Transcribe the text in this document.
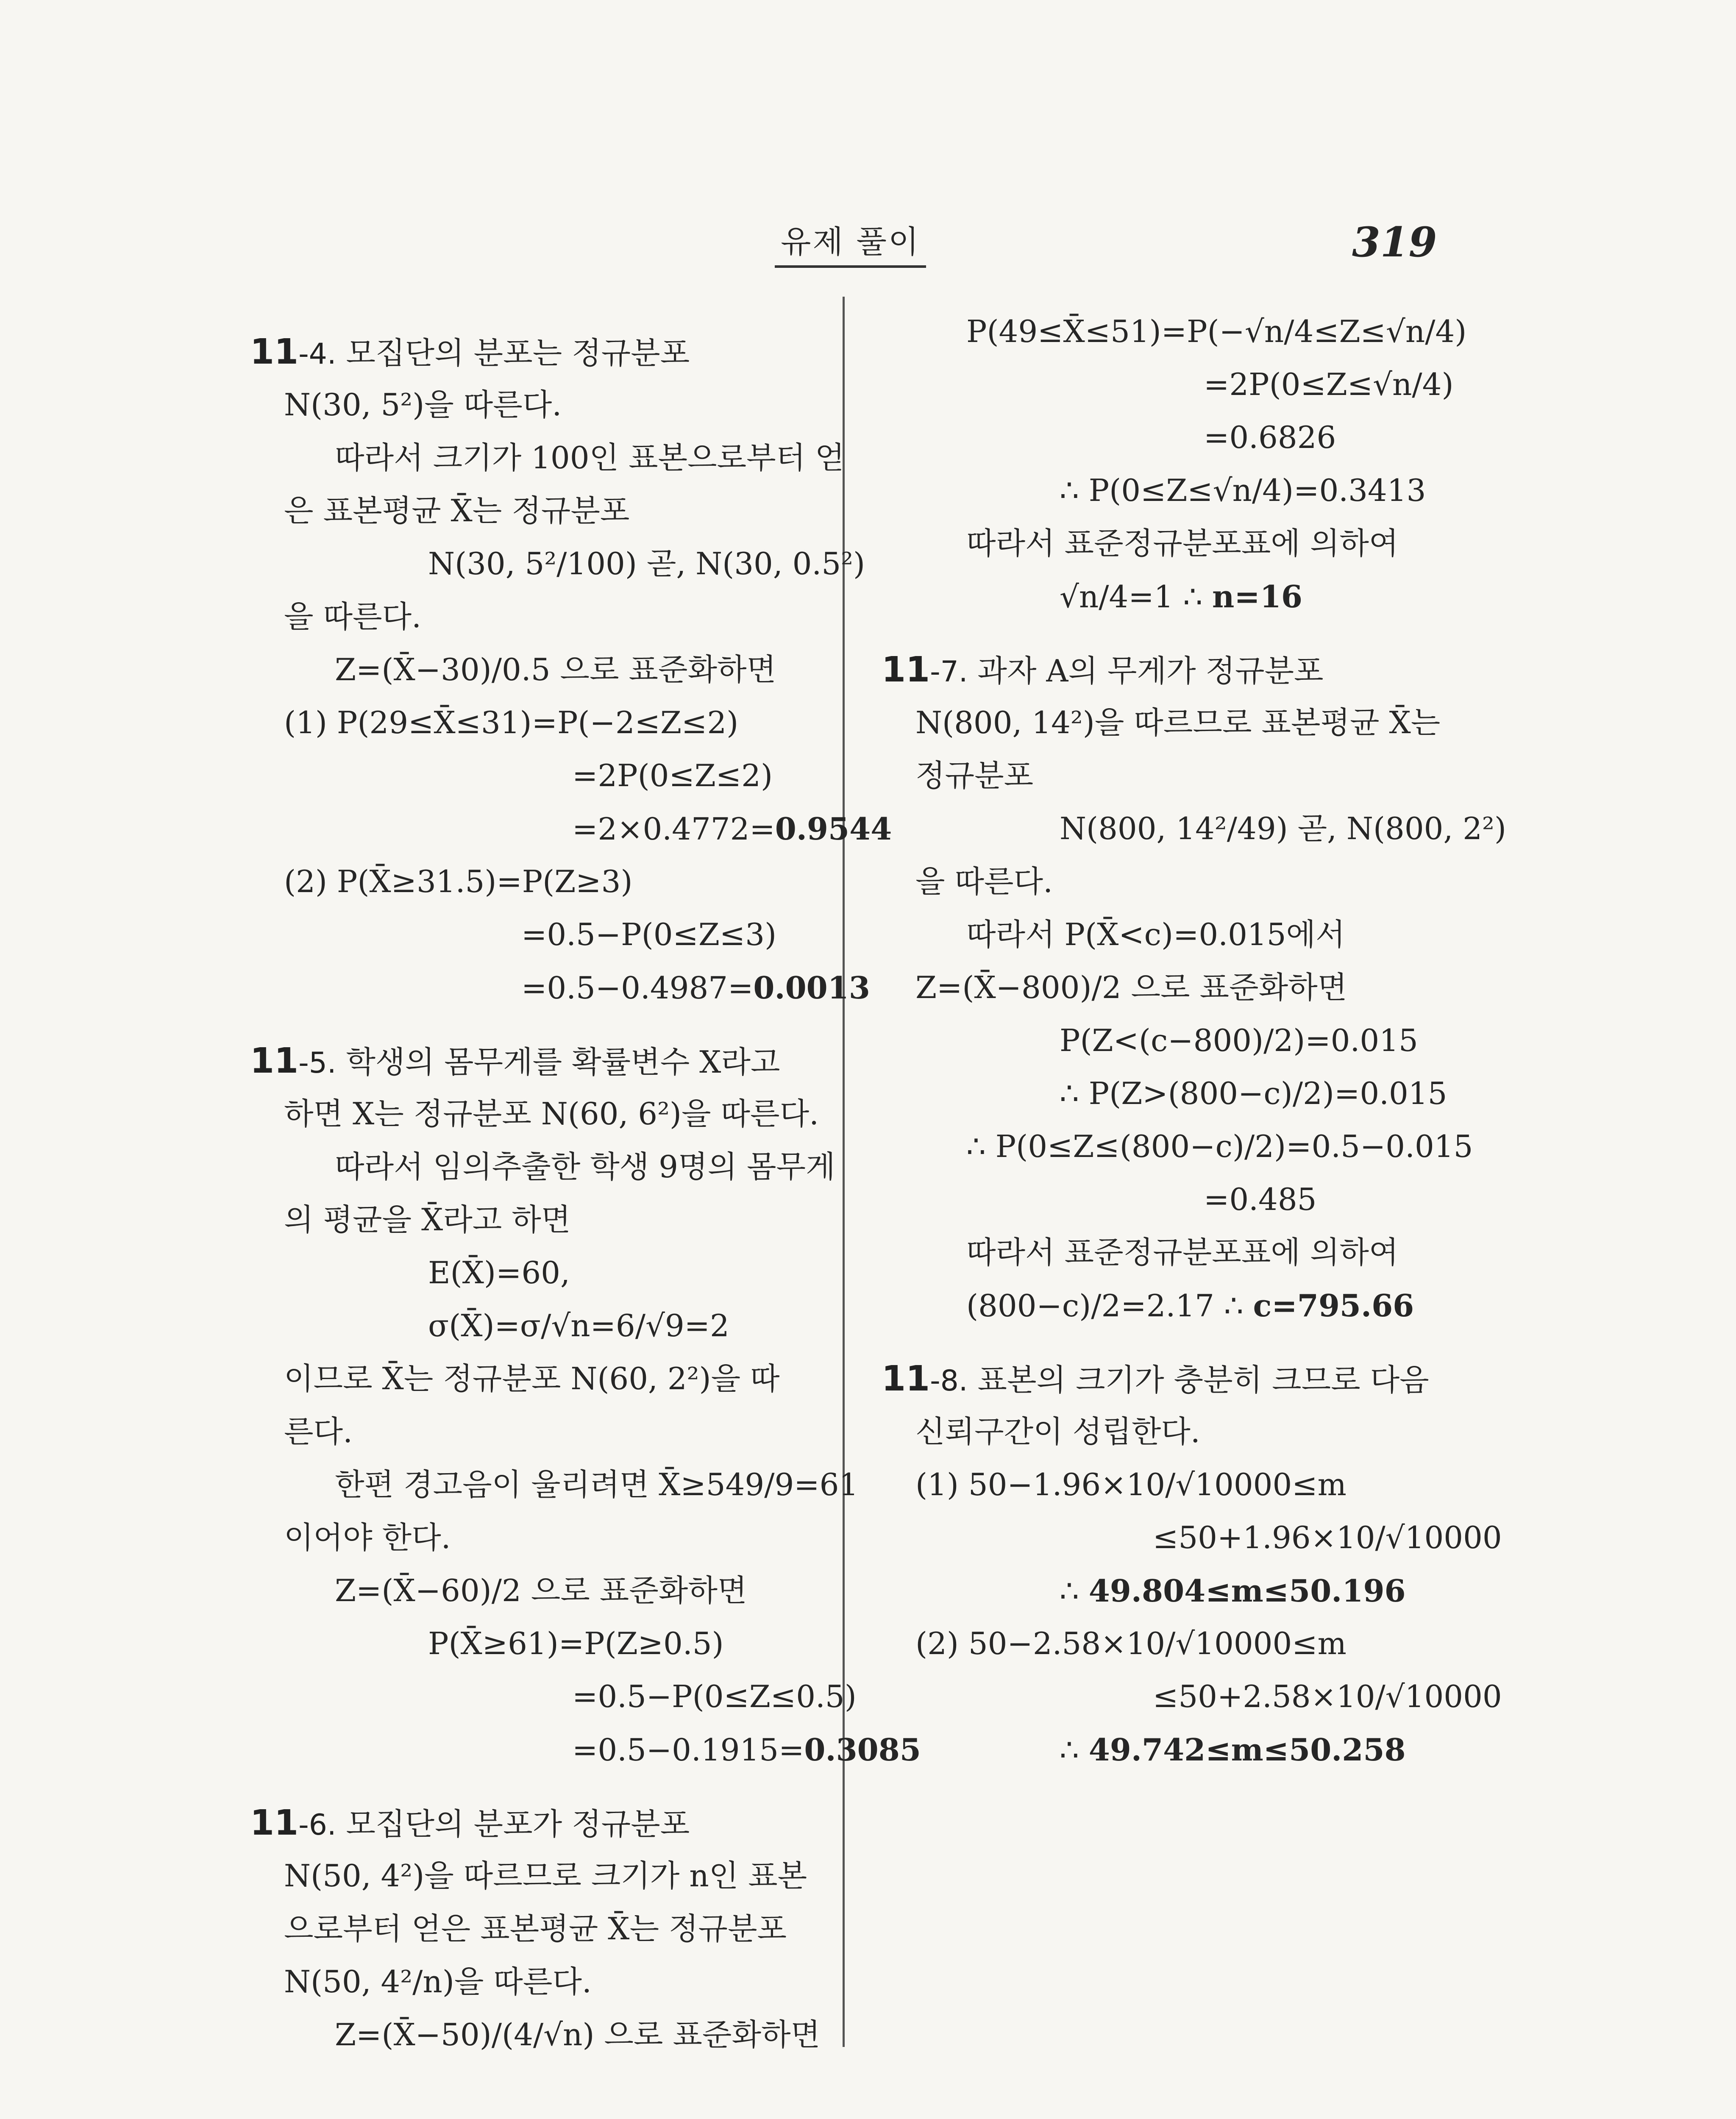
유제 풀이	319
11-4. 모집단의 분포는 정규분포
N(30, 5²)을 따른다.
따라서 크기가 100인 표본으로부터 얻
은 표본평균 X̄는 정규분포
N(30, 5²/100) 곧, N(30, 0.5²)
을 따른다.
Z=(X̄−30)/0.5 으로 표준화하면
(1) P(29≤X̄≤31)=P(−2≤Z≤2)
=2P(0≤Z≤2)
=2×0.4772=0.9544
(2) P(X̄≥31.5)=P(Z≥3)
=0.5−P(0≤Z≤3)
=0.5−0.4987=0.0013
11-5. 학생의 몸무게를 확률변수 X라고
하면 X는 정규분포 N(60, 6²)을 따른다.
따라서 임의추출한 학생 9명의 몸무게
의 평균을 X̄라고 하면
E(X̄)=60,
σ(X̄)=σ/√n=6/√9=2
이므로 X̄는 정규분포 N(60, 2²)을 따
른다.
한편 경고음이 울리려면 X̄≥549/9=61
이어야 한다.
Z=(X̄−60)/2 으로 표준화하면
P(X̄≥61)=P(Z≥0.5)
=0.5−P(0≤Z≤0.5)
=0.5−0.1915=0.3085
11-6. 모집단의 분포가 정규분포
N(50, 4²)을 따르므로 크기가 n인 표본
으로부터 얻은 표본평균 X̄는 정규분포
N(50, 4²/n)을 따른다.
Z=(X̄−50)/(4/√n) 으로 표준화하면
P(49≤X̄≤51)=P(−√n/4≤Z≤√n/4)
=2P(0≤Z≤√n/4)
=0.6826
∴ P(0≤Z≤√n/4)=0.3413
따라서 표준정규분포표에 의하여
√n/4=1 ∴ n=16
11-7. 과자 A의 무게가 정규분포
N(800, 14²)을 따르므로 표본평균 X̄는
정규분포
N(800, 14²/49) 곧, N(800, 2²)
을 따른다.
따라서 P(X̄<c)=0.015에서
Z=(X̄−800)/2 으로 표준화하면
P(Z<(c−800)/2)=0.015
∴ P(Z>(800−c)/2)=0.015
∴ P(0≤Z≤(800−c)/2)=0.5−0.015
=0.485
따라서 표준정규분포표에 의하여
(800−c)/2=2.17 ∴ c=795.66
11-8. 표본의 크기가 충분히 크므로 다음
신뢰구간이 성립한다.
(1) 50−1.96×10/√10000≤m
≤50+1.96×10/√10000
∴ 49.804≤m≤50.196
(2) 50−2.58×10/√10000≤m
≤50+2.58×10/√10000
∴ 49.742≤m≤50.258
